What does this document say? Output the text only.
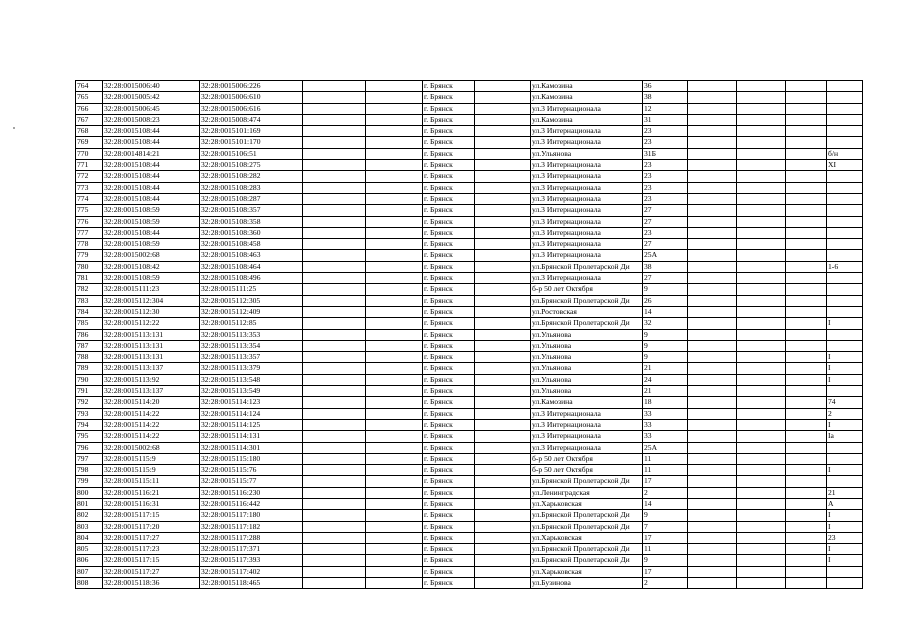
764	32:28:0015006:40	32:28:0015006:226			г. Брянск		ул.Камозина	36				
765	32:28:0015005:42	32:28:0015006:610			г. Брянск		ул.Камозина	38				
766	32:28:0015006:45	32:28:0015006:616			г. Брянск		ул.3 Интернационала	12				
767	32:28:0015008:23	32:28:0015008:474			г. Брянск		ул.Камозина	31				
768	32:28:0015108:44	32:28:0015101:169			г. Брянск		ул.3 Интернационала	23				
769	32:28:0015108:44	32:28:0015101:170			г. Брянск		ул.3 Интернационала	23				
770	32:28:0014814:21	32:28:0015106:51			г. Брянск		ул.Ульянова	31Б				б/н
771	32:28:0015108:44	32:28:0015108:275			г. Брянск		ул.3 Интернационала	23				XI
772	32:28:0015108:44	32:28:0015108:282			г. Брянск		ул.3 Интернационала	23				
773	32:28:0015108:44	32:28:0015108:283			г. Брянск		ул.3 Интернационала	23				
774	32:28:0015108:44	32:28:0015108:287			г. Брянск		ул.3 Интернационала	23				
775	32:28:0015108:59	32:28:0015108:357			г. Брянск		ул.3 Интернационала	27				
776	32:28:0015108:59	32:28:0015108:358			г. Брянск		ул.3 Интернационала	27				
777	32:28:0015108:44	32:28:0015108:360			г. Брянск		ул.3 Интернационала	23				
778	32:28:0015108:59	32:28:0015108:458			г. Брянск		ул.3 Интернационала	27				
779	32:28:0015002:68	32:28:0015108:463			г. Брянск		ул.3 Интернационала	25А				
780	32:28:0015108:42	32:28:0015108:464			г. Брянск		ул.Брянской Пролетарской Ди	38				1-6
781	32:28:0015108:59	32:28:0015108:496			г. Брянск		ул.3 Интернационала	27				
782	32:28:0015111:23	32:28:0015111:25			г. Брянск		б-р 50 лет Октября	9				
783	32:28:0015112:304	32:28:0015112:305			г. Брянск		ул.Брянской Пролетарской Ди	26				
784	32:28:0015112:30	32:28:0015112:409			г. Брянск		ул.Ростовская	14				
785	32:28:0015112:22	32:28:0015112:85			г. Брянск		ул.Брянской Пролетарской Ди	32				I
786	32:28:0015113:131	32:28:0015113:353			г. Брянск		ул.Ульянова	9				
787	32:28:0015113:131	32:28:0015113:354			г. Брянск		ул.Ульянова	9				
788	32:28:0015113:131	32:28:0015113:357			г. Брянск		ул.Ульянова	9				I
789	32:28:0015113:137	32:28:0015113:379			г. Брянск		ул.Ульянова	21				I
790	32:28:0015113:92	32:28:0015113:548			г. Брянск		ул.Ульянова	24				I
791	32:28:0015113:137	32:28:0015113:549			г. Брянск		ул.Ульянова	21				
792	32:28:0015114:20	32:28:0015114:123			г. Брянск		ул.Камозина	18				74
793	32:28:0015114:22	32:28:0015114:124			г. Брянск		ул.3 Интернационала	33				2
794	32:28:0015114:22	32:28:0015114:125			г. Брянск		ул.3 Интернационала	33				I
795	32:28:0015114:22	32:28:0015114:131			г. Брянск		ул.3 Интернационала	33				Iа
796	32:28:0015002:68	32:28:0015114:301			г. Брянск		ул.3 Интернационала	25А				
797	32:28:0015115:9	32:28:0015115:180			г. Брянск		б-р 50 лет Октября	11				
798	32:28:0015115:9	32:28:0015115:76			г. Брянск		б-р 50 лет Октября	11				I
799	32:28:0015115:11	32:28:0015115:77			г. Брянск		ул.Брянской Пролетарской Ди	17				
800	32:28:0015116:21	32:28:0015116:230			г. Брянск		ул.Ленинградская	2				21
801	32:28:0015116:31	32:28:0015116:442			г. Брянск		ул.Харьковская	14				А
802	32:28:0015117:15	32:28:0015117:180			г. Брянск		ул.Брянской Пролетарской Ди	9				I
803	32:28:0015117:20	32:28:0015117:182			г. Брянск		ул.Брянской Пролетарской Ди	7				I
804	32:28:0015117:27	32:28:0015117:288			г. Брянск		ул.Харьковская	17				23
805	32:28:0015117:23	32:28:0015117:371			г. Брянск		ул.Брянской Пролетарской Ди	11				I
806	32:28:0015117:15	32:28:0015117:393			г. Брянск		ул.Брянской Пролетарской Ди	9				I
807	32:28:0015117:27	32:28:0015117:402			г. Брянск		ул.Харьковская	17				
808	32:28:0015118:36	32:28:0015118:465			г. Брянск		ул.Бузинова	2				
